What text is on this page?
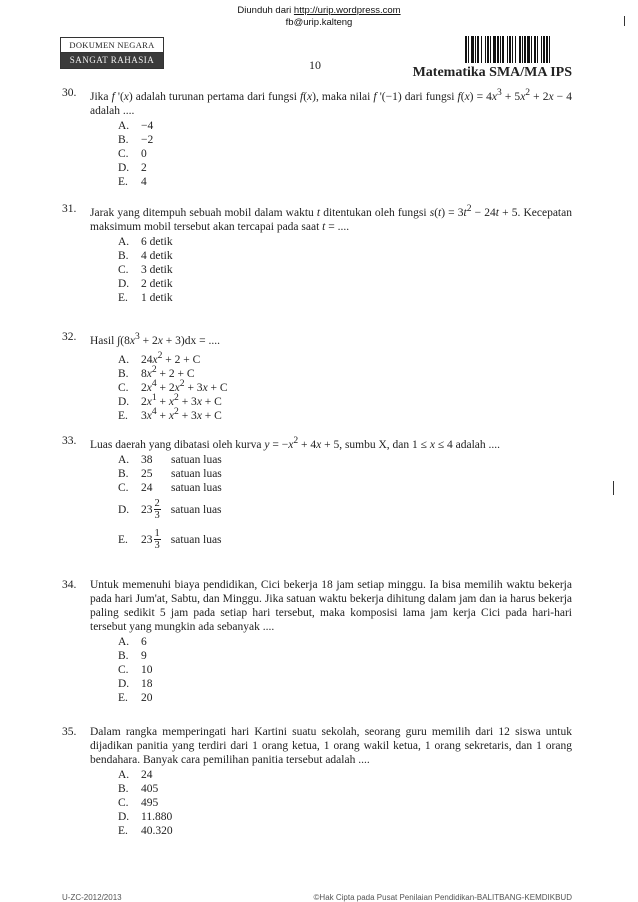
Diunduh dari http://urip.wordpress.com
fb@urip.kalteng
DOKUMEN NEGARA
SANGAT RAHASIA	10	Matematika SMA/MA IPS
30.	Jika f '(x) adalah turunan pertama dari fungsi f(x), maka nilai f '(−1) dari fungsi $f(x) = 4x^3 + 5x^2 + 2x - 4$ adalah ....
A. −4
B. −2
C. 0
D. 2
E. 4
31.	Jarak yang ditempuh sebuah mobil dalam waktu t ditentukan oleh fungsi $s(t) = 3t^2 - 24t + 5$. Kecepatan maksimum mobil tersebut akan tercapai pada saat t = ....
A. 6 detik
B. 4 detik
C. 3 detik
D. 2 detik
E. 1 detik
32.	Hasil $\int(8x^3 + 2x + 3)dx$ = ....
A. $24x^2 + 2 + C$
B. $8x^2 + 2 + C$
C. $2x^4 + 2x^2 + 3x + C$
D. $2x^1 + x^2 + 3x + C$
E. $3x^4 + x^2 + 3x + C$
33.	Luas daerah yang dibatasi oleh kurva $y = -x^2 + 4x + 5$, sumbu X, dan 1 ≤ x ≤ 4 adalah ....
A. 38 satuan luas
B. 25 satuan luas
C. 24 satuan luas
D.	$23 \frac{2}{3}$ satuan luas
E.	$23 \frac{1}{3}$ satuan luas
34.	Untuk memenuhi biaya pendidikan, Cici bekerja 18 jam setiap minggu. Ia bisa memilih waktu bekerja pada hari Jum'at, Sabtu, dan Minggu. Jika satuan waktu bekerja dihitung dalam jam dan ia harus bekerja paling sedikit 5 jam pada setiap hari tersebut, maka komposisi lama jam kerja Cici pada hari-hari tersebut yang mungkin ada sebanyak ....
A. 6
B. 9
C. 10
D. 18
E. 20
35.	Dalam rangka memperingati hari Kartini suatu sekolah, seorang guru memilih dari 12 siswa untuk dijadikan panitia yang terdiri dari 1 orang ketua, 1 orang wakil ketua, 1 orang sekretaris, dan 1 orang bendahara. Banyak cara pemilihan panitia tersebut adalah ....
A. 24
B. 405
C. 495
D. 11.880
E. 40.320
U-ZC-2012/2013	©Hak Cipta pada Pusat Penilaian Pendidikan-BALITBANG-KEMDIKBUD
